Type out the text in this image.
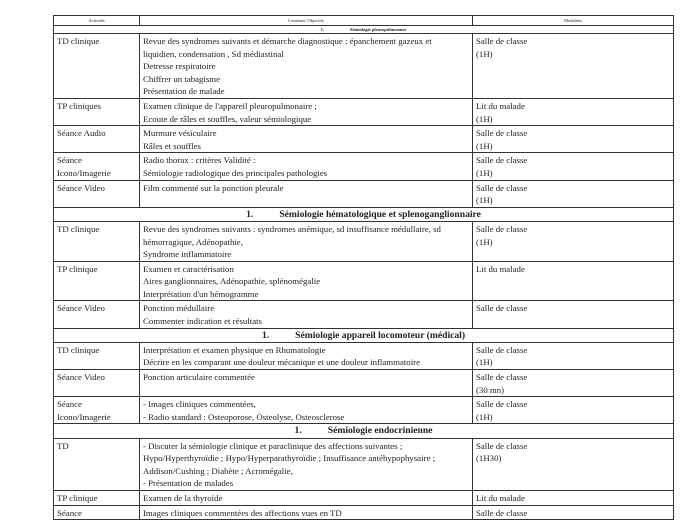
Activités	Contenus/ Objectifs	Modalités
1. Sémiologie pleuropulmonaire		

TD clinique	Revue des syndromes suivants et démarche diagnostique : épanchement gazeux et
liquidien, condensation , Sd médiastinal
Detresse respiratoire
Chiffrer un tabagisme
Présentation de malade	Salle de classe
(1H)

TP cliniques	Examen clinique de l'appareil pleuropulmonaire ;
Ecoute de râles et souffles, valeur sémiologique	Lit du malade
(1H)

Séance Audio	Murmure vésiculaire
Râles et souffles	Salle de classe
(1H)

Séance
Icono/Imagerie	Radio thorax : critères Validité :
Sémiologie radiologique des principales pathologies	Salle de classe
(1H)

Séance Video	Film commenté sur la ponction pleurale	Salle de classe
(1H)

1. Sémiologie hématologique et splenoganglionnaire		

TD clinique	Revue des syndromes suivants : syndromes anémique, sd insuffisance médullaire, sd
hémorragique, Adénopathie,
Syndrome inflammatoire	Salle de classe
(1H)

TP clinique	Examen et caractérisation
Aires ganglionnaires, Adénopathie, splénomégalie
Interprétation d'un hémogramme	Lit du malade

Séance Video	Ponction médullaire
Commenter indication et résultats	Salle de classe

1. Sémiologie appareil locomoteur (médical)		

TD clinique	Interprétation et examen physique en Rhumatologie
Décrire en les comparant une douleur mécanique et une douleur inflammatoire	Salle de classe
(1H)

Séance Video	Ponction articulaire commentée	Salle de classe
(30 mn)

Séance
Icono/Imagerie	- Images cliniques commentées,
- Radio standard : Osteoporose, Osteolyse, Osteosclerose	Salle de classe
(1H)

1. Sémiologie endocrinienne		

TD	- Discuter la sémiologie clinique et paraclinique des affections suivantes ;
Hypo/Hyperthyroïdie ; Hypo/Hyperparathyroïdie ; Insuffisance antéhypophysaire ;
Addison/Cushing ; Diabète ; Acromégalie,
- Présentation de malades	Salle de classe
(1H30)

TP clinique	Examen de la thyroïde	Lit du malade

Séance	Images cliniques commentées des affections vues en TD	Salle de classe
